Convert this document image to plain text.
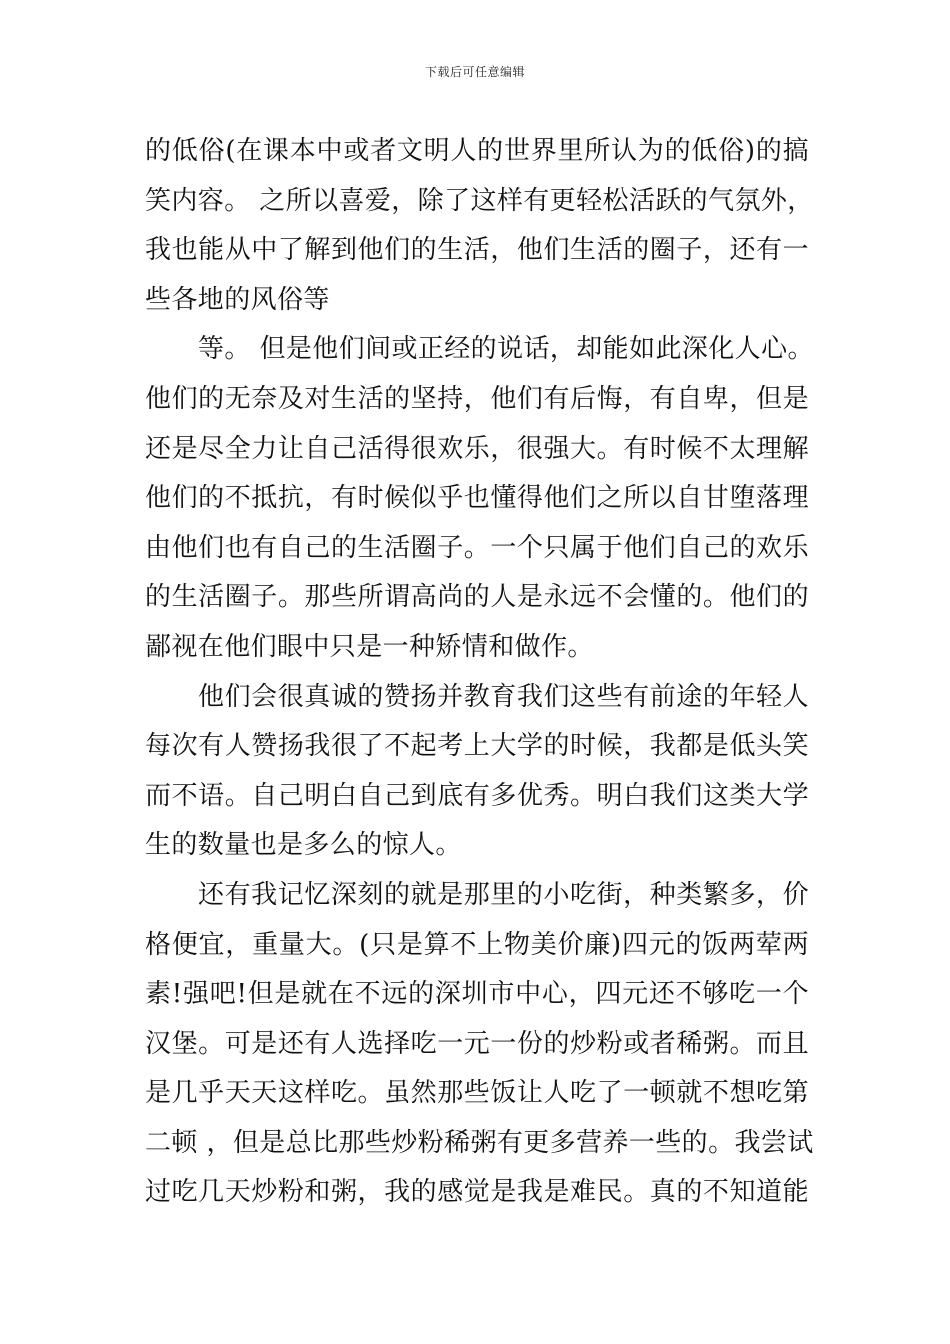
下载后可任意编辑
的低俗(在课本中或者文明人的世界里所认为的低俗)的搞
笑内容。 之所以喜爱，除了这样有更轻松活跃的气氛外，
我也能从中了解到他们的生活，他们生活的圈子，还有一
些各地的风俗等
等。 但是他们间或正经的说话，却能如此深化人心。
他们的无奈及对生活的坚持，他们有后悔，有自卑，但是
还是尽全力让自己活得很欢乐，很强大。有时候不太理解
他们的不抵抗，有时候似乎也懂得他们之所以自甘堕落理
由他们也有自己的生活圈子。一个只属于他们自己的欢乐
的生活圈子。那些所谓高尚的人是永远不会懂的。他们的
鄙视在他们眼中只是一种矫情和做作。
他们会很真诚的赞扬并教育我们这些有前途的年轻人
每次有人赞扬我很了不起考上大学的时候，我都是低头笑
而不语。自己明白自己到底有多优秀。明白我们这类大学
生的数量也是多么的惊人。
还有我记忆深刻的就是那里的小吃街，种类繁多，价
格便宜，重量大。(只是算不上物美价廉)四元的饭两荤两
素!强吧!但是就在不远的深圳市中心，四元还不够吃一个
汉堡。可是还有人选择吃一元一份的炒粉或者稀粥。而且
是几乎天天这样吃。虽然那些饭让人吃了一顿就不想吃第
二顿 ，但是总比那些炒粉稀粥有更多营养一些的。我尝试
过吃几天炒粉和粥，我的感觉是我是难民。真的不知道能
